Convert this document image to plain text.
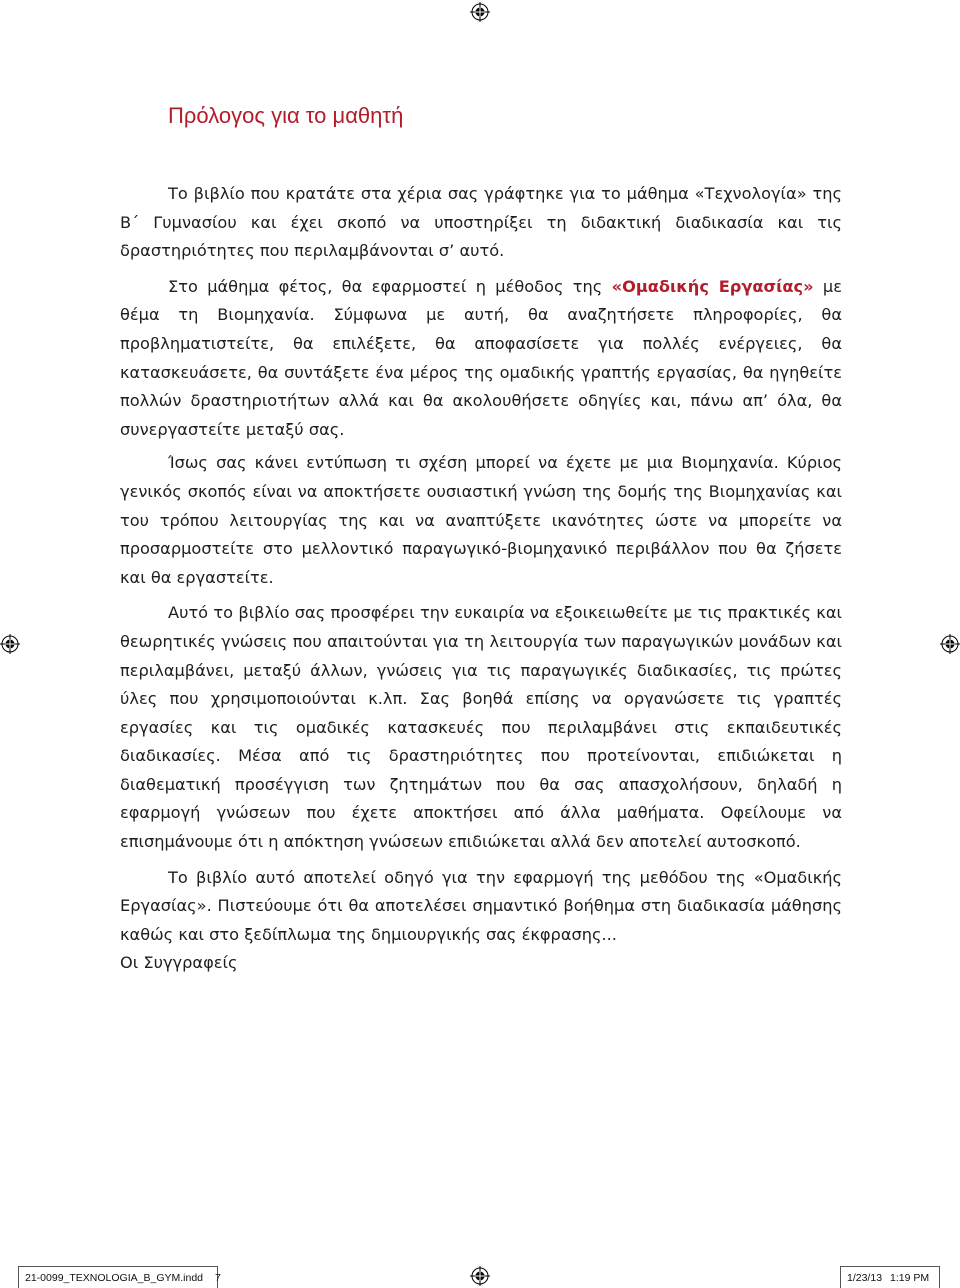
Πρόλογος για το μαθητή

Το βιβλίο που κρατάτε στα χέρια σας γράφτηκε για το μάθημα «Τεχνολογία» της Β΄ Γυμνασίου και έχει σκοπό να υποστηρίξει τη διδακτική διαδικασία και τις δραστηριότητες που περιλαμβάνονται σ’ αυτό.

Στο μάθημα φέτος, θα εφαρμοστεί η μέθοδος της «Ομαδικής Εργασίας» με θέμα τη Βιομηχανία. Σύμφωνα με αυτή, θα αναζητήσετε πληροφορίες, θα προβληματιστείτε, θα επιλέξετε, θα αποφασίσετε για πολλές ενέργειες, θα κατασκευάσετε, θα συντάξετε ένα μέρος της ομαδικής γραπτής εργασίας, θα ηγηθείτε πολλών δραστηριοτήτων αλλά και θα ακολουθήσετε οδηγίες και, πάνω απ’ όλα, θα συνεργαστείτε μεταξύ σας.

Ίσως σας κάνει εντύπωση τι σχέση μπορεί να έχετε με μια Βιομηχανία. Κύριος γενικός σκοπός είναι να αποκτήσετε ουσιαστική γνώση της δομής της Βιομηχανίας και του τρόπου λειτουργίας της και να αναπτύξετε ικανότητες ώστε να μπορείτε να προσαρμοστείτε στο μελλοντικό παραγωγικό-βιομηχανικό περιβάλλον που θα ζήσετε και θα εργαστείτε.

Αυτό το βιβλίο σας προσφέρει την ευκαιρία να εξοικειωθείτε με τις πρακτικές και θεωρητικές γνώσεις που απαιτούνται για τη λειτουργία των παραγωγικών μονάδων και περιλαμβάνει, μεταξύ άλλων, γνώσεις για τις παραγωγικές διαδικασίες, τις πρώτες ύλες που χρησιμοποιούνται κ.λπ. Σας βοηθά επίσης να οργανώσετε τις γραπτές εργασίες και τις ομαδικές κατασκευές που περιλαμβάνει στις εκπαιδευτικές διαδικασίες. Μέσα από τις δραστηριότητες που προτείνονται, επιδιώκεται η διαθεματική προσέγγιση των ζητημάτων που θα σας απασχολήσουν, δηλαδή η εφαρμογή γνώσεων που έχετε αποκτήσει από άλλα μαθήματα. Οφείλουμε να επισημάνουμε ότι η απόκτηση γνώσεων επιδιώκεται αλλά δεν αποτελεί αυτοσκοπό.

Το βιβλίο αυτό αποτελεί οδηγό για την εφαρμογή της μεθόδου της «Ομαδικής Εργασίας». Πιστεύουμε ότι θα αποτελέσει σημαντικό βοήθημα στη διαδικασία μάθησης καθώς και στο ξεδίπλωμα της δημιουργικής σας έκφρασης...

Οι Συγγραφείς

21-0099_TEXNOLOGIA_B_GYM.indd 7	1/23/13 1:19 PM
